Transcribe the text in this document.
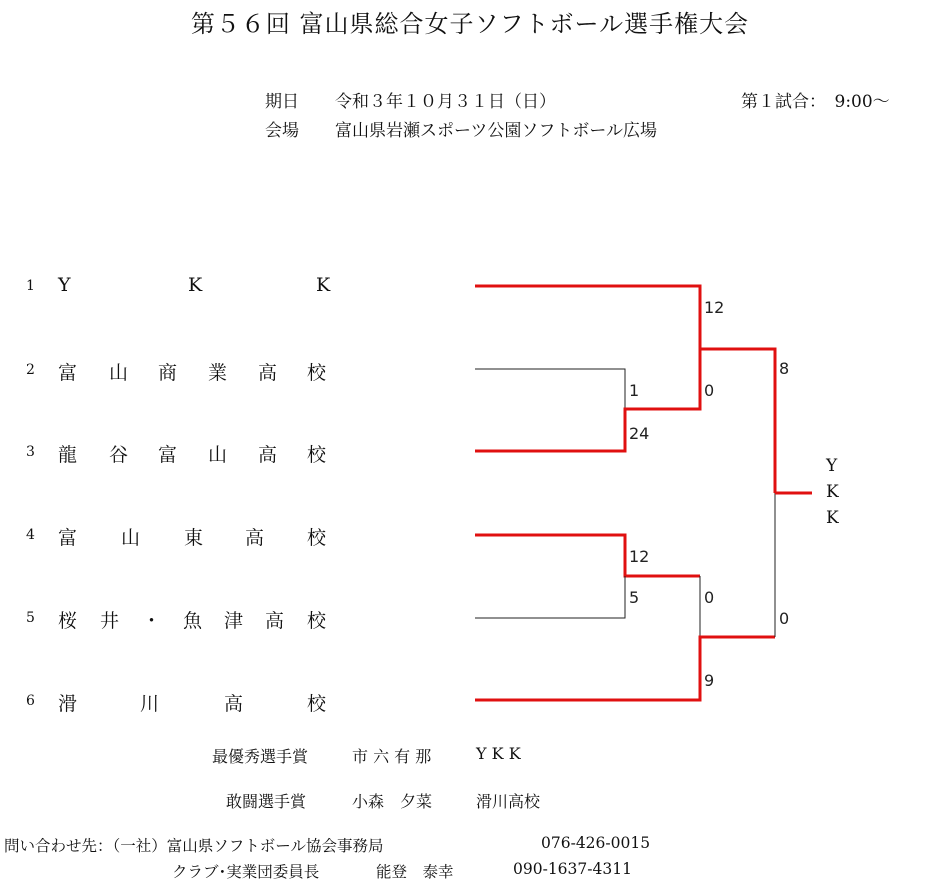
第５６回 富山県総合女子ソフトボール選手権大会
期日 令和３年１０月３１日（日）	第１試合：　9:00～
会場 富山県岩瀬スポーツ公園ソフトボール広場
1 Y	K	K
2 富 山 商 業 高 校
3 龍 谷 富 山 高 校
4 富 山 東 高 校
5 桜 井 ・ 魚 津 高 校
6 滑	川	高	校
1
24
12
5
12
0
0
9
8
0
Y
K
K
最優秀選手賞	市 六 有 那	Y K K
敢闘選手賞	小森　夕菜	滑川高校
問い合わせ先：（一社）富山県ソフトボール協会事務局	076-426-0015
クラブ･実業団委員長	能登　泰幸	090-1637-4311
